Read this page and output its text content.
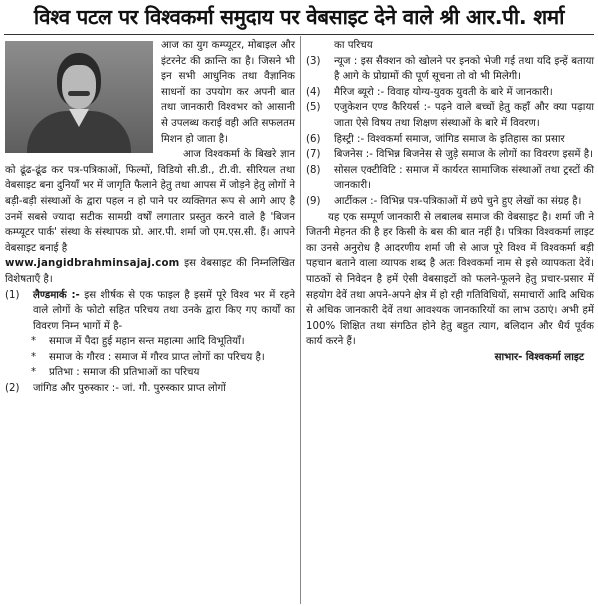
विश्व पटल पर विश्वकर्मा समुदाय पर वेबसाइट देने वाले श्री आर.पी. शर्मा

आज का युग कम्प्यूटर, मोबाइल और इंटरनेट की क्रान्ति का है। जिसने भी इन सभी आधुनिक तथा वैज्ञानिक साधनों का उपयोग कर अपनी बात तथा जानकारी विश्वभर को आसानी से उपलब्ध कराई वही अति सफलतम मिशन हो जाता है।

आज विश्वकर्मा के बिखरे ज्ञान को ढूंढ-ढूंढ कर पत्र-पत्रिकाओं, फिल्मों, विडियो सी.डी., टी.वी. सीरियल तथा वेबसाइट बना दुनियाँ भर में जागृति फैलाने हेतु तथा आपस में जोड़ने हेतु लोगों ने बड़ी-बड़ी संस्थाओं के द्वारा पहल न हो पाने पर व्यक्तिगत रूप से आगे आए है उनमें सबसे ज्यादा सटीक सामग्री वर्षों लगातार प्रस्तुत करने वाले है 'बिजन कम्प्यूटर पार्क' संस्था के संस्थापक प्रो. आर.पी. शर्मा जो एम.एस.सी. हैं। आपने वेबसाइट बनाई है

www.jangidbrahminsajaj.com इस वेबसाइट की निम्नलिखित विशेषताएँ है।

(1)	लैण्डमार्क :- इस शीर्षक से एक फाइल है इसमें पूरे विश्व भर में रहने वाले लोगों के फोटो सहित परिचय तथा उनके द्वारा किए गए कार्यों का विवरण निम्न भागों में है-
*	समाज में पैदा हुई महान सन्त महात्मा आदि विभूतियाँ।
*	समाज के गौरव : समाज में गौरव प्राप्त लोगों का परिचय है।
*	प्रतिभा : समाज की प्रतिभाओं का परिचय
(2)	जांगिड और पुरुस्कार :- जां. गौ. पुरुस्कार प्राप्त लोगों

का परिचय

(3)	न्यूज : इस सैक्शन को खोलने पर इनको भेजी गई तथा यदि इन्हें बताया है आगे के प्रोग्रामों की पूर्ण सूचना तो वो भी मिलेगी।
(4)	मैरिज ब्यूरो :- विवाह योग्य-युवक युवती के बारे में जानकारी।
(5)	एजुकेशन एण्ड कैरियर्स :- पढ़ने वाले बच्चों हेतु कहाँ और क्या पढ़ाया जाता ऐसे विषय तथा शिक्षण संस्थाओं के बारे में विवरण।
(6)	हिस्ट्री :- विश्वकर्मा समाज, जांगिड समाज के इतिहास का प्रसार
(7)	बिजनेस :- विभिन्न बिजनेस से जुड़े समाज के लोगों का विवरण इसमें है।
(8)	सोसल एक्टीविटि : समाज में कार्यरत सामाजिक संस्थाओं तथा ट्रस्टों की जानकारी।
(9)	आर्टीकल :- विभिन्न पत्र-पत्रिकाओं में छपे चुने हुए लेखों का संग्रह है।

यह एक सम्पूर्ण जानकारी से लबालब समाज की वेबसाइट है। शर्मा जी ने जितनी मेहनत की है हर किसी के बस की बात नहीं है। पत्रिका विश्वकर्मा लाइट का उनसे अनुरोध है आदरणीय शर्मा जी से आज पूरे विश्व में विश्वकर्मा बड़ी पहचान बताने वाला व्यापक शब्द है अतः विश्वकर्मा नाम से इसे व्यापकता देवें। पाठकों से निवेदन है हमें ऐसी वेबसाइटों को फलने-फूलने हेतु प्रचार-प्रसार में सहयोग देवें तथा अपने-अपने क्षेत्र में हो रही गतिविधियों, समाचारों आदि अधिक से अधिक जानकारी देवें तथा आवश्यक जानकारियों का लाभ उठाएं। अभी हमें 100% शिक्षित तथा संगठित होने हेतु बहुत त्याग, बलिदान और धैर्य पूर्वक कार्य करने हैं।

साभार- विश्वकर्मा लाइट
